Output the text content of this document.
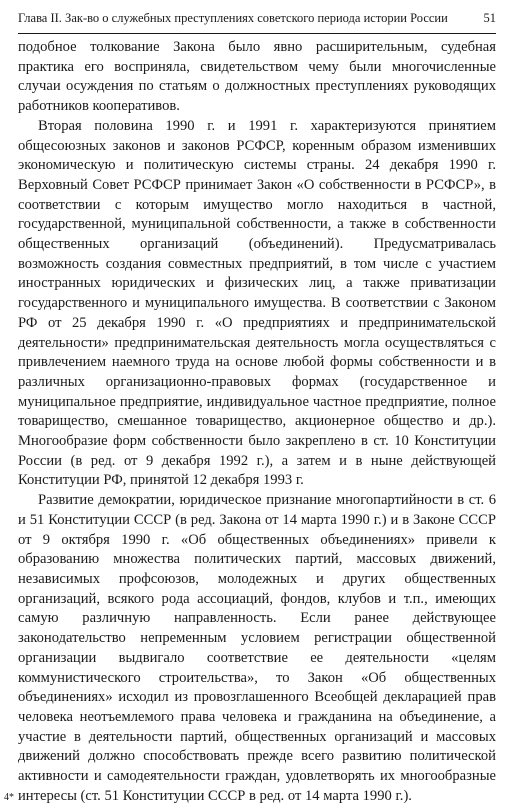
Глава II. Зак-во о служебных преступлениях советского периода истории России	51

подобное толкование Закона было явно расширительным, судебная практика его восприняла, свидетельством чему были многочисленные случаи осуждения по статьям о должностных преступлениях руководящих работников кооперативов.

Вторая половина 1990 г. и 1991 г. характеризуются принятием общесоюзных законов и законов РСФСР, коренным образом изменивших экономическую и политическую системы страны. 24 декабря 1990 г. Верховный Совет РСФСР принимает Закон «О собственности в РСФСР», в соответствии с которым имущество могло находиться в частной, государственной, муниципальной собственности, а также в собственности общественных организаций (объединений). Предусматривалась возможность создания совместных предприятий, в том числе с участием иностранных юридических и физических лиц, а также приватизации государственного и муниципального имущества. В соответствии с Законом РФ от 25 декабря 1990 г. «О предприятиях и предпринимательской деятельности» предпринимательская деятельность могла осуществляться с привлечением наемного труда на основе любой формы собственности и в различных организационно-правовых формах (государственное и муниципальное предприятие, индивидуальное частное предприятие, полное товарищество, смешанное товарищество, акционерное общество и др.). Многообразие форм собственности было закреплено в ст. 10 Конституции России (в ред. от 9 декабря 1992 г.), а затем и в ныне действующей Конституции РФ, принятой 12 декабря 1993 г.

Развитие демократии, юридическое признание многопартийности в ст. 6 и 51 Конституции СССР (в ред. Закона от 14 марта 1990 г.) и в Законе СССР от 9 октября 1990 г. «Об общественных объединениях» привели к образованию множества политических партий, массовых движений, независимых профсоюзов, молодежных и других общественных организаций, всякого рода ассоциаций, фондов, клубов и т.п., имеющих самую различную направленность. Если ранее действующее законодательство непременным условием регистрации общественной организации выдвигало соответствие ее деятельности «целям коммунистического строительства», то Закон «Об общественных объединениях» исходил из провозглашенного Всеобщей декларацией прав человека неотъемлемого права человека и гражданина на объединение, а участие в деятельности партий, общественных организаций и массовых движений должно способствовать прежде всего развитию политической активности и самодеятельности граждан, удовлетворять их многообразные интересы (ст. 51 Конституции СССР в ред. от 14 марта 1990 г.).

4*
